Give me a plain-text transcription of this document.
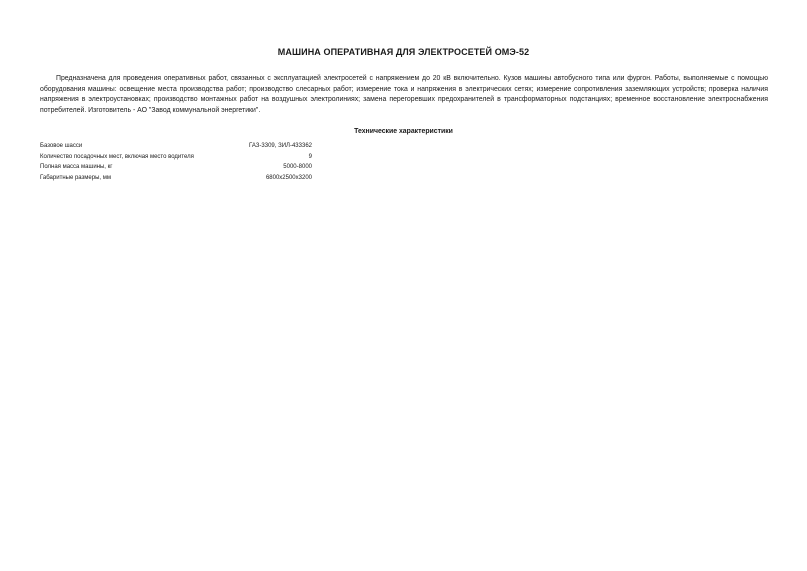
МАШИНА ОПЕРАТИВНАЯ ДЛЯ ЭЛЕКТРОСЕТЕЙ ОМЭ-52

Предназначена для проведения оперативных работ, связанных с эксплуатацией электросетей с напряжением до 20 кВ включительно. Кузов машины автобусного типа или фургон. Работы, выполняемые с помощью оборудования машины: освещение места производства работ; производство слесарных работ; измерение тока и напряжения в электрических сетях; измерение сопротивления заземляющих устройств; проверка наличия напряжения в электроустановках; производство монтажных работ на воздушных электролиниях; замена перегоревших предохранителей в трансформаторных подстанциях; временное восстановление электроснабжения потребителей. Изготовитель - АО "Завод коммунальной энергетики".

Технические характеристики
Базовое шасси	ГАЗ-3309, ЗИЛ-433362
Количество посадочных мест, включая место водителя	9
Полная масса машины, кг	5000-8000
Габаритные размеры, мм	6800x2500x3200
